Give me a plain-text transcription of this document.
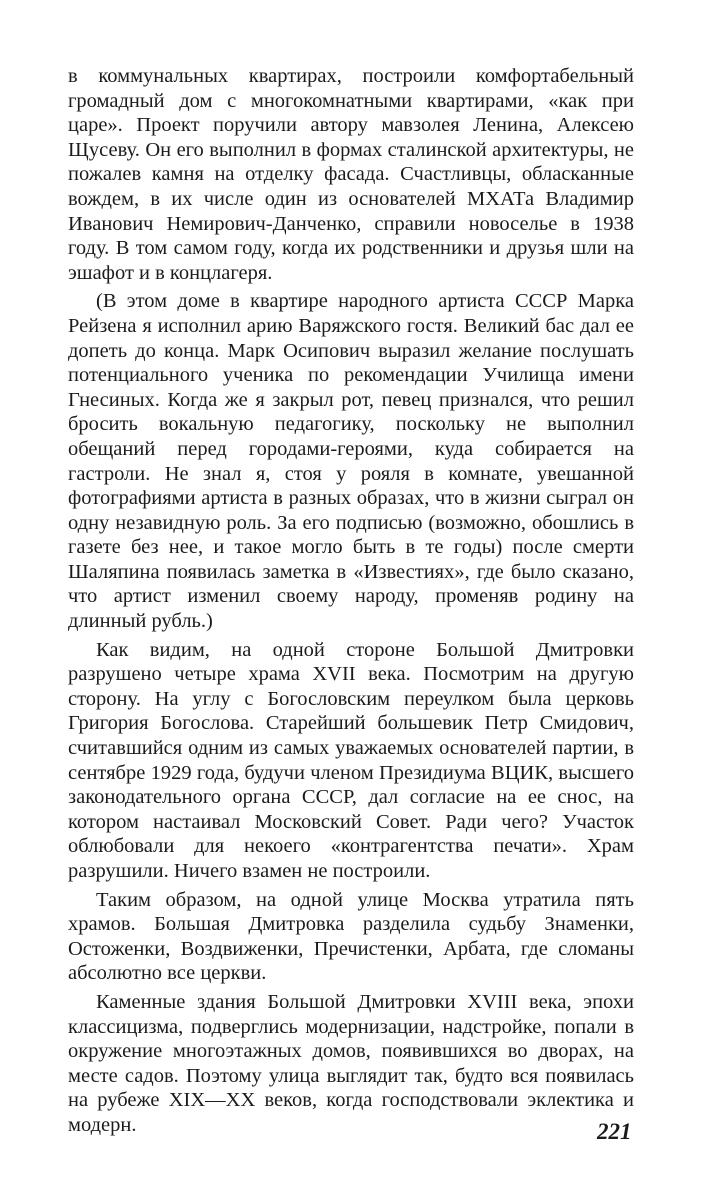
в коммунальных квартирах, построили комфортабельный громадный дом с многокомнатными квартирами, «как при царе». Проект поручили автору мавзолея Ленина, Алексею Щусеву. Он его выполнил в формах сталинской архитектуры, не пожалев камня на отделку фасада. Счастливцы, обласканные вождем, в их числе один из основателей МХАТа Владимир Иванович Немирович-Данченко, справили новоселье в 1938 году. В том самом году, когда их родственники и друзья шли на эшафот и в концлагеря.

(В этом доме в квартире народного артиста СССР Марка Рейзена я исполнил арию Варяжского гостя. Великий бас дал ее допеть до конца. Марк Осипович выразил желание послушать потенциального ученика по рекомендации Училища имени Гнесиных. Когда же я закрыл рот, певец признался, что решил бросить вокальную педагогику, поскольку не выполнил обещаний перед городами-героями, куда собирается на гастроли. Не знал я, стоя у рояля в комнате, увешанной фотографиями артиста в разных образах, что в жизни сыграл он одну незавидную роль. За его подписью (возможно, обошлись в газете без нее, и такое могло быть в те годы) после смерти Шаляпина появилась заметка в «Известиях», где было сказано, что артист изменил своему народу, променяв родину на длинный рубль.)

Как видим, на одной стороне Большой Дмитровки разрушено четыре храма XVII века. Посмотрим на другую сторону. На углу с Богословским переулком была церковь Григория Богослова. Старейший большевик Петр Смидович, считавшийся одним из самых уважаемых основателей партии, в сентябре 1929 года, будучи членом Президиума ВЦИК, высшего законодательного органа СССР, дал согласие на ее снос, на котором настаивал Московский Совет. Ради чего? Участок облюбовали для некоего «контрагентства печати». Храм разрушили. Ничего взамен не построили.

Таким образом, на одной улице Москва утратила пять храмов. Большая Дмитровка разделила судьбу Знаменки, Остоженки, Воздвиженки, Пречистенки, Арбата, где сломаны абсолютно все церкви.

Каменные здания Большой Дмитровки XVIII века, эпохи классицизма, подверглись модернизации, надстройке, попали в окружение многоэтажных домов, появившихся во дворах, на месте садов. Поэтому улица выглядит так, будто вся появилась на рубеже XIX—XX веков, когда господствовали эклектика и модерн.	221
